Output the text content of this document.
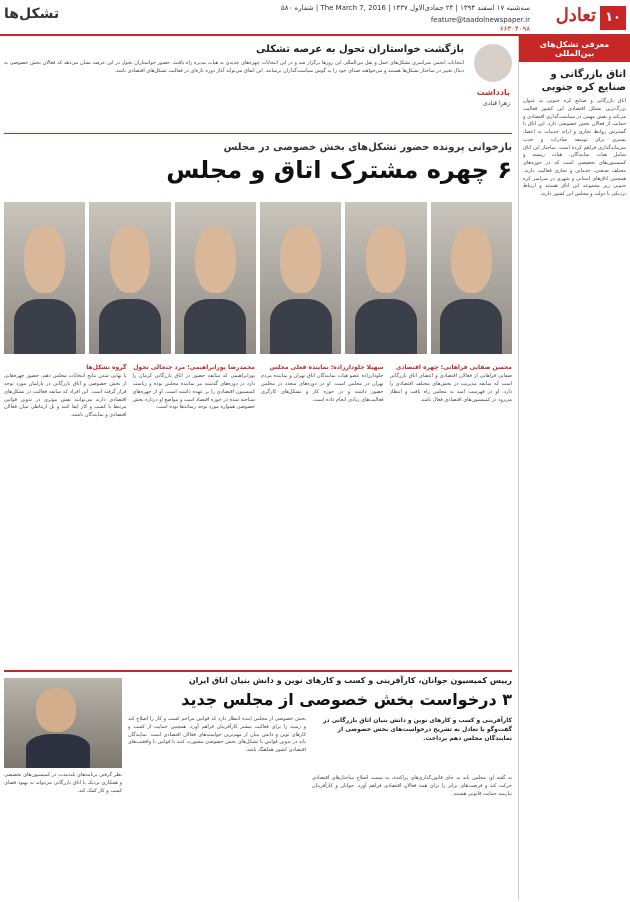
۱۰
تعادل
سه‌شنبه ۱۷ اسفند ۱۳۹۴ | ۲۴ جمادی‌الاول ۱۴۳۷ | The March 7, 2016 | شماره ۵۸۰
feature@taadolnewspaper.ir
۶۶۳۰۴۰۹۸
تشکل‌ها
معرفی تشکل‌های بین‌المللی
اتاق بازرگانی و صنایع کره جنوبی
اتاق بازرگانی و صنایع کره جنوبی به عنوان بزرگ‌ترین تشکل اقتصادی این کشور فعالیت می‌کند و نقش مهمی در سیاست‌گذاری اقتصادی و حمایت از فعالان بخش خصوصی دارد. این اتاق با گسترش روابط تجاری و ارائه خدمات به اعضا، بستری برای توسعه صادرات و جذب سرمایه‌گذاری فراهم کرده است. ساختار این اتاق شامل هیات نمایندگان، هیات رییسه و کمیسیون‌های تخصصی است که در حوزه‌های مختلف صنعتی، خدماتی و تجاری فعالیت دارند. همچنین اتاق‌های استانی و شهری در سراسر کره جنوبی زیر مجموعه این اتاق هستند و ارتباط نزدیکی با دولت و مجلس این کشور دارند.
یادداشت
زهرا قبادی
بازگشت خواستاران تحول به عرصه تشکلی
انتخابات انجمن سراسری تشکل‌های حمل و نقل بین‌المللی این روزها برگزار شد و در این انتخابات چهره‌های جدیدی به هیات مدیره راه یافتند. حضور خواستاران تحول در این عرصه نشان می‌دهد که فعالان بخش خصوصی به دنبال تغییر در ساختار تشکل‌ها هستند و می‌خواهند صدای خود را به گوش سیاست‌گذاران برسانند. این اتفاق می‌تواند آغاز دوره تازه‌ای در فعالیت تشکل‌های اقتصادی باشد.
بازخوانی پرونده حضور تشکل‌های بخش خصوصی در مجلس
۶ چهره مشترک اتاق و مجلس
گروه تشکل‌ها
با نهایی شدن نتایج انتخابات مجلس دهم، حضور چهره‌هایی از بخش خصوصی و اتاق بازرگانی در پارلمان مورد توجه قرار گرفته است. این افراد که سابقه فعالیت در تشکل‌های اقتصادی دارند می‌توانند نقش موثری در تدوین قوانین مرتبط با کسب و کار ایفا کنند و پل ارتباطی میان فعالان اقتصادی و نمایندگان باشند.
محمدرضا پورابراهیمی؛ مرد جنجالی تحول
پورابراهیمی که سابقه حضور در اتاق بازرگانی کرمان را دارد در دوره‌های گذشته نیز نماینده مجلس بوده و ریاست کمیسیون اقتصادی را بر عهده داشته است. او از چهره‌های شناخته شده در حوزه اقتصاد است و مواضع او درباره بخش خصوصی همواره مورد توجه رسانه‌ها بوده است.
سهیلا جلودارزاده؛ نماینده فعلی مجلس
جلودارزاده عضو هیات نمایندگان اتاق تهران و نماینده مردم تهران در مجلس است. او در دوره‌های متعدد در مجلس حضور داشته و در حوزه کار و تشکل‌های کارگری فعالیت‌های زیادی انجام داده است.
محسن صفایی فراهانی؛ چهره اقتصادی
صفایی فراهانی از فعالان اقتصادی و اعضای اتاق بازرگانی است که سابقه مدیریت در بخش‌های مختلف اقتصادی را دارد. او در فهرست امید به مجلس راه یافت و انتظار می‌رود در کمیسیون‌های اقتصادی فعال باشد.
رییس کمیسیون جوانان، کارآفرینی و کسب و کارهای نوین و دانش بنیان اتاق ایران
۳ درخواست بخش خصوصی از مجلس جدید
کارآفرینی و کسب و کارهای نوین و دانش بنیان اتاق بازرگانی در گفت‌وگو با تعادل به تشریح درخواست‌های بخش خصوصی از نمایندگان مجلس دهم پرداخت.
بخش خصوصی از مجلس آینده انتظار دارد که قوانین مزاحم کسب و کار را اصلاح کند و زمینه را برای فعالیت بیشتر کارآفرینان فراهم آورد. همچنین حمایت از کسب و کارهای نوین و دانش بنیان از مهم‌ترین خواسته‌های فعالان اقتصادی است. نمایندگان باید در تدوین قوانین با تشکل‌های بخش خصوصی مشورت کنند تا قوانین با واقعیت‌های اقتصادی کشور هماهنگ باشد.
نظر گرفتن برنامه‌های بلندمدت در کمیسیون‌های تخصصی و همکاری نزدیک با اتاق بازرگانی می‌تواند به بهبود فضای کسب و کار کمک کند.
به گفته او، مجلس باید به جای قانون‌گذاری‌های پراکنده، به سمت اصلاح ساختارهای اقتصادی حرکت کند و فرصت‌های برابر را برای همه فعالان اقتصادی فراهم آورد. جوانان و کارآفرینان نیازمند حمایت قانونی هستند.
